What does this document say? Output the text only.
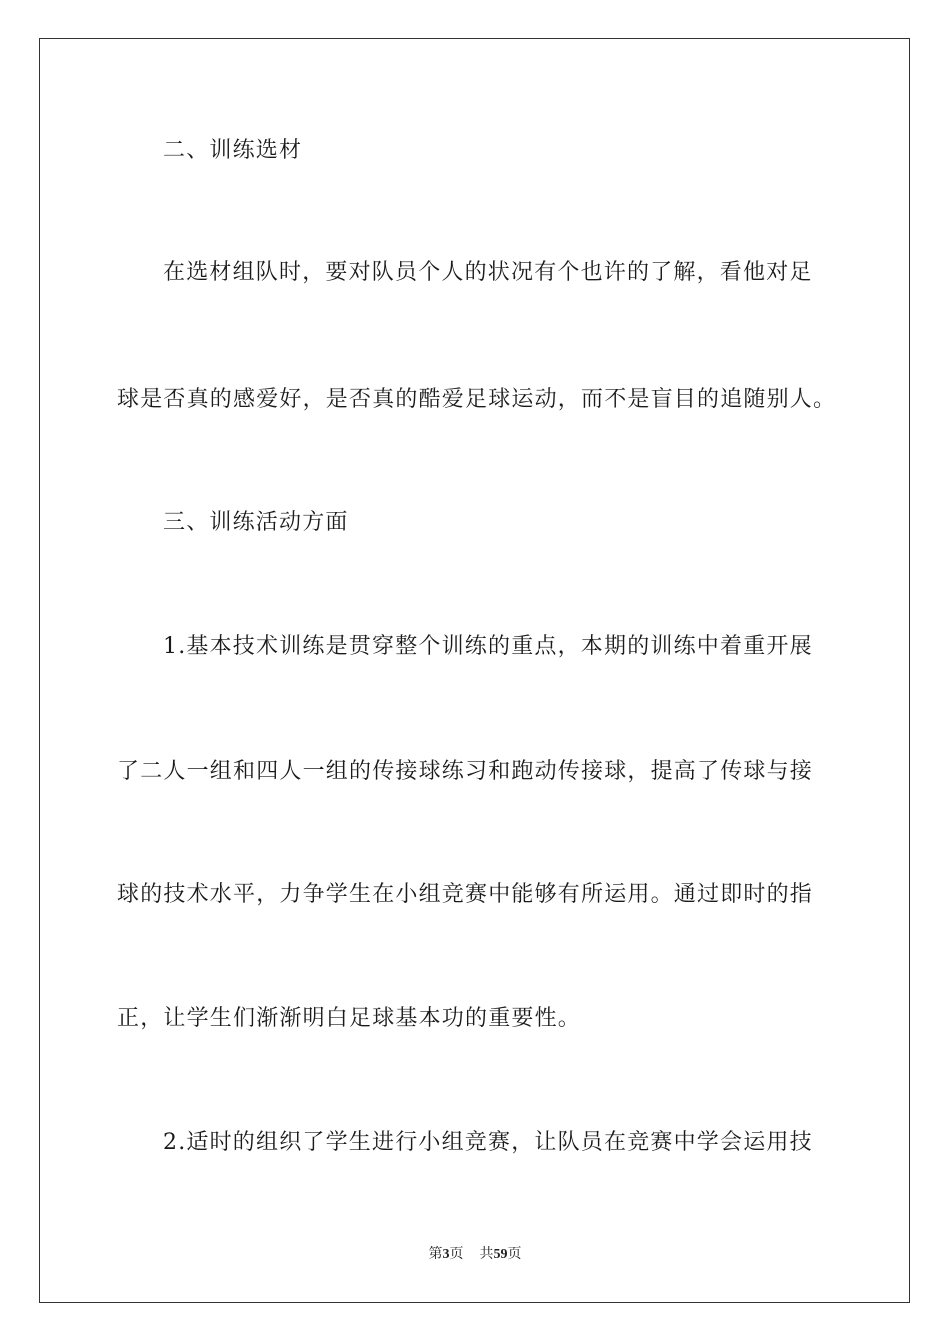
二、训练选材
在选材组队时，要对队员个人的状况有个也许的了解，看他对足
球是否真的感爱好，是否真的酷爱足球运动，而不是盲目的追随别人。
三、训练活动方面
1.基本技术训练是贯穿整个训练的重点，本期的训练中着重开展
了二人一组和四人一组的传接球练习和跑动传接球，提高了传球与接
球的技术水平，力争学生在小组竞赛中能够有所运用。通过即时的指
正，让学生们渐渐明白足球基本功的重要性。
2.适时的组织了学生进行小组竞赛，让队员在竞赛中学会运用技
第3页 共59页
